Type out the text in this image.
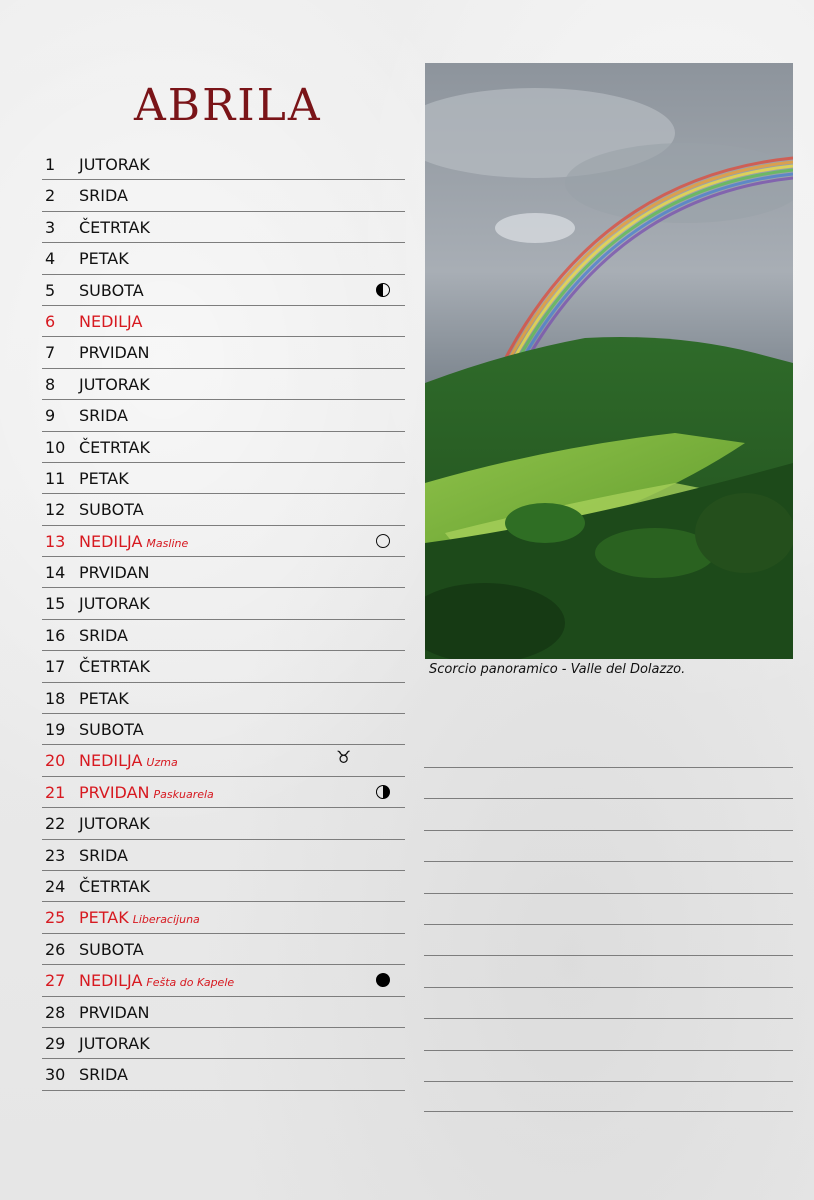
ABRILA
1 JUTORAK
2 SRIDA
3 ČETRTAK
4 PETAK
5 SUBOTA
6 NEDILJA
7 PRVIDAN
8 JUTORAK
9 SRIDA
10 ČETRTAK
11 PETAK
12 SUBOTA
13 NEDILJA Masline
14 PRVIDAN
15 JUTORAK
16 SRIDA
17 ČETRTAK
18 PETAK
19 SUBOTA
20 NEDILJA Uzma	♉
21 PRVIDAN Paskuarela
22 JUTORAK
23 SRIDA
24 ČETRTAK
25 PETAK Liberacijuna
26 SUBOTA
27 NEDILJA Fešta do Kapele
28 PRVIDAN
29 JUTORAK
30 SRIDA
Scorcio panoramico - Valle del Dolazzo.
